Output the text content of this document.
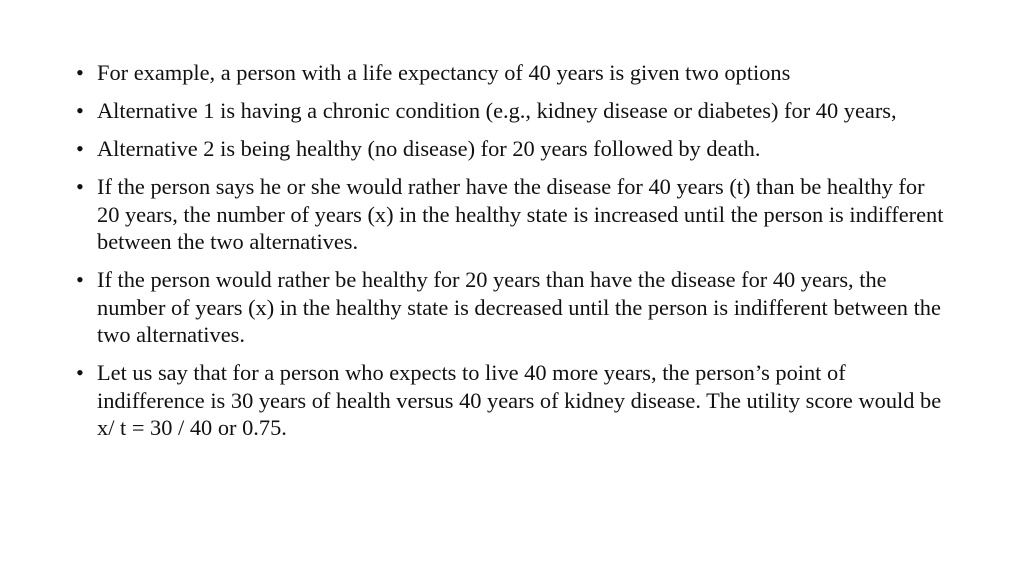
• For example, a person with a life expectancy of 40 years is given two options
• Alternative 1 is having a chronic condition (e.g., kidney disease or diabetes) for 40 years,
• Alternative 2 is being healthy (no disease) for 20 years followed by death.
• If the person says he or she would rather have the disease for 40 years (t) than be healthy for 20 years, the number of years (x) in the healthy state is increased until the person is indifferent between the two alternatives.
• If the person would rather be healthy for 20 years than have the disease for 40 years, the number of years (x) in the healthy state is decreased until the person is indifferent between the two alternatives.
• Let us say that for a person who expects to live 40 more years, the person’s point of indifference is 30 years of health versus 40 years of kidney disease. The utility score would be x/ t = 30 / 40 or 0.75.
